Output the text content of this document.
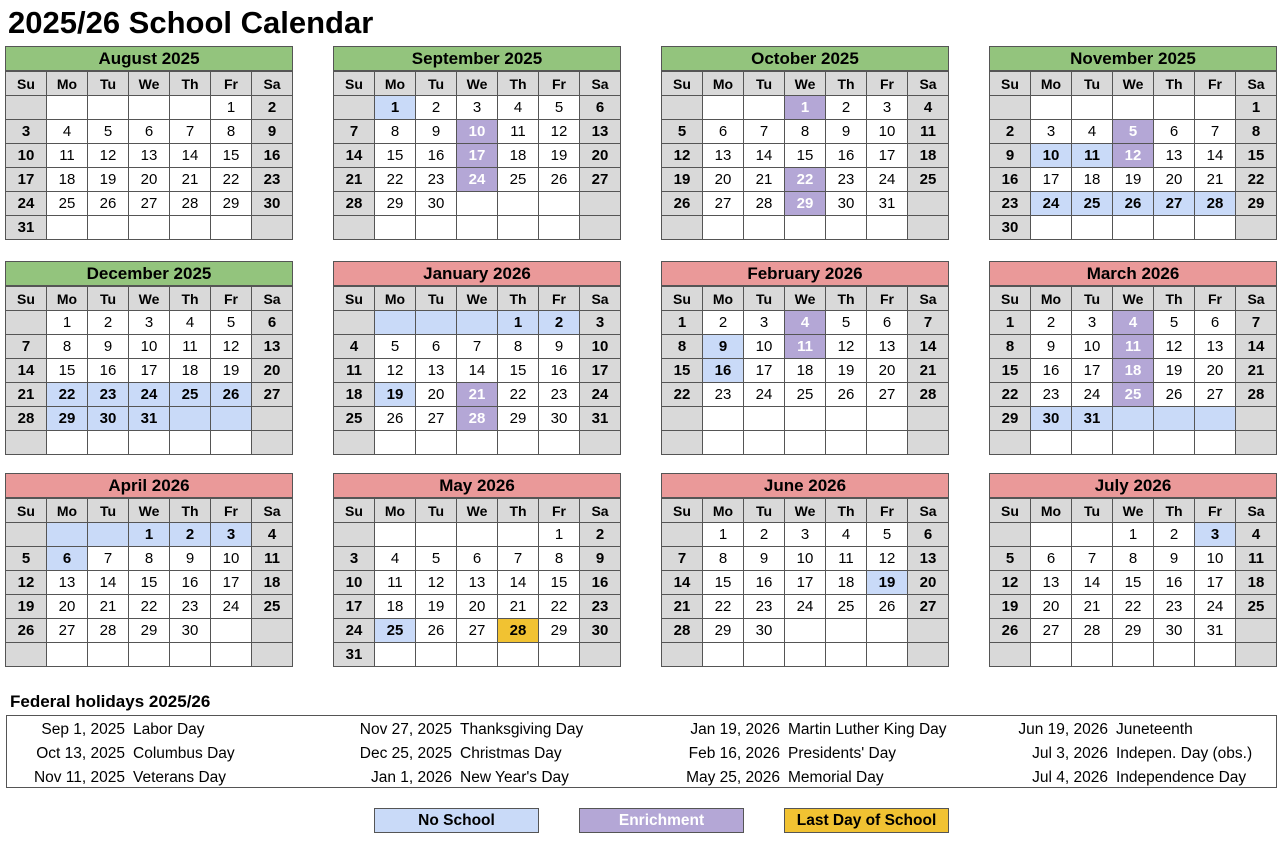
2025/26 School Calendar
August 2025
Su	Mo	Tu	We	Th	Fr	Sa
					1	2
3	4	5	6	7	8	9
10	11	12	13	14	15	16
17	18	19	20	21	22	23
24	25	26	27	28	29	30
31						
September 2025
Su	Mo	Tu	We	Th	Fr	Sa
	1	2	3	4	5	6
7	8	9	10	11	12	13
14	15	16	17	18	19	20
21	22	23	24	25	26	27
28	29	30				

October 2025
Su	Mo	Tu	We	Th	Fr	Sa
			1	2	3	4
5	6	7	8	9	10	11
12	13	14	15	16	17	18
19	20	21	22	23	24	25
26	27	28	29	30	31	

November 2025
Su	Mo	Tu	We	Th	Fr	Sa
						1
2	3	4	5	6	7	8
9	10	11	12	13	14	15
16	17	18	19	20	21	22
23	24	25	26	27	28	29
30						
December 2025
Su	Mo	Tu	We	Th	Fr	Sa
	1	2	3	4	5	6
7	8	9	10	11	12	13
14	15	16	17	18	19	20
21	22	23	24	25	26	27
28	29	30	31			

January 2026
Su	Mo	Tu	We	Th	Fr	Sa
				1	2	3
4	5	6	7	8	9	10
11	12	13	14	15	16	17
18	19	20	21	22	23	24
25	26	27	28	29	30	31

February 2026
Su	Mo	Tu	We	Th	Fr	Sa
1	2	3	4	5	6	7
8	9	10	11	12	13	14
15	16	17	18	19	20	21
22	23	24	25	26	27	28

March 2026
Su	Mo	Tu	We	Th	Fr	Sa
1	2	3	4	5	6	7
8	9	10	11	12	13	14
15	16	17	18	19	20	21
22	23	24	25	26	27	28
29	30	31				

April 2026
Su	Mo	Tu	We	Th	Fr	Sa
			1	2	3	4
5	6	7	8	9	10	11
12	13	14	15	16	17	18
19	20	21	22	23	24	25
26	27	28	29	30		

May 2026
Su	Mo	Tu	We	Th	Fr	Sa
					1	2
3	4	5	6	7	8	9
10	11	12	13	14	15	16
17	18	19	20	21	22	23
24	25	26	27	28	29	30
31						
June 2026
Su	Mo	Tu	We	Th	Fr	Sa
	1	2	3	4	5	6
7	8	9	10	11	12	13
14	15	16	17	18	19	20
21	22	23	24	25	26	27
28	29	30				

July 2026
Su	Mo	Tu	We	Th	Fr	Sa
			1	2	3	4
5	6	7	8	9	10	11
12	13	14	15	16	17	18
19	20	21	22	23	24	25
26	27	28	29	30	31	

Federal holidays 2025/26
Sep 1, 2025 Labor Day
Oct 13, 2025 Columbus Day
Nov 11, 2025 Veterans Day
Nov 27, 2025 Thanksgiving Day
Dec 25, 2025 Christmas Day
Jan 1, 2026 New Year's Day
Jan 19, 2026 Martin Luther King Day
Feb 16, 2026 Presidents' Day
May 25, 2026 Memorial Day
Jun 19, 2026 Juneteenth
Jul 3, 2026 Indepen. Day (obs.)
Jul 4, 2026 Independence Day
No School	Enrichment	Last Day of School
